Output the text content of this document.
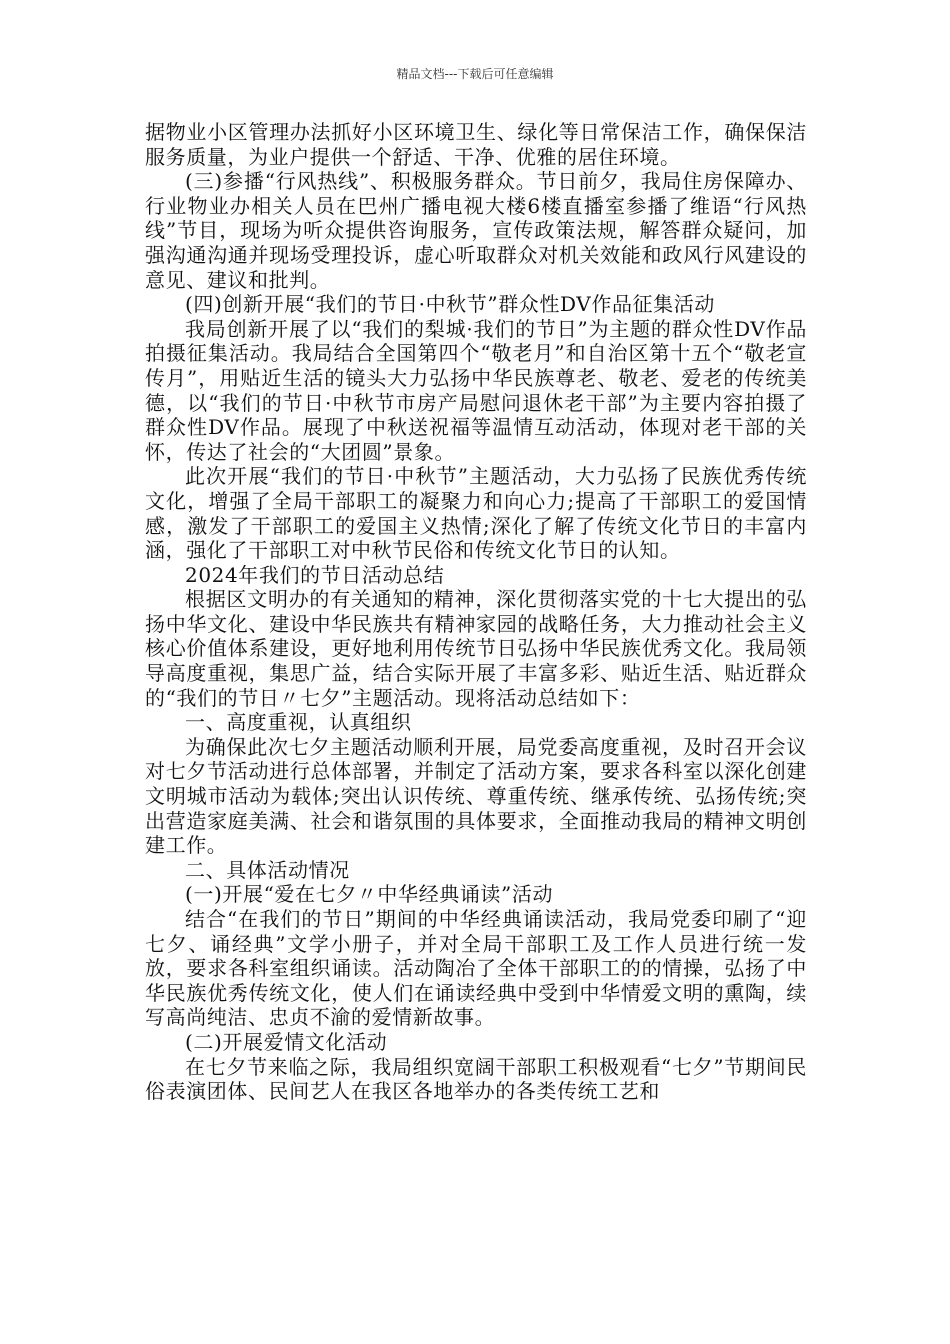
精品文档---下载后可任意编辑

据物业小区管理办法抓好小区环境卫生、绿化等日常保洁工作，确保保洁服务质量，为业户提供一个舒适、干净、优雅的居住环境。

(三)参播“行风热线”、积极服务群众。节日前夕，我局住房保障办、行业物业办相关人员在巴州广播电视大楼6楼直播室参播了维语“行风热线”节目，现场为听众提供咨询服务，宣传政策法规，解答群众疑问，加强沟通沟通并现场受理投诉，虚心听取群众对机关效能和政风行风建设的意见、建议和批判。

(四)创新开展“我们的节日·中秋节”群众性DV作品征集活动

我局创新开展了以“我们的梨城·我们的节日”为主题的群众性DV作品拍摄征集活动。我局结合全国第四个“敬老月”和自治区第十五个“敬老宣传月”，用贴近生活的镜头大力弘扬中华民族尊老、敬老、爱老的传统美德，以“我们的节日·中秋节市房产局慰问退休老干部”为主要内容拍摄了群众性DV作品。展现了中秋送祝福等温情互动活动，体现对老干部的关怀，传达了社会的“大团圆”景象。

此次开展“我们的节日·中秋节”主题活动，大力弘扬了民族优秀传统文化，增强了全局干部职工的凝聚力和向心力;提高了干部职工的爱国情感，激发了干部职工的爱国主义热情;深化了解了传统文化节日的丰富内涵，强化了干部职工对中秋节民俗和传统文化节日的认知。

2024年我们的节日活动总结

根据区文明办的有关通知的精神，深化贯彻落实党的十七大提出的弘扬中华文化、建设中华民族共有精神家园的战略任务，大力推动社会主义核心价值体系建设，更好地利用传统节日弘扬中华民族优秀文化。我局领导高度重视，集思广益，结合实际开展了丰富多彩、贴近生活、贴近群众的“我们的节日〃七夕”主题活动。现将活动总结如下：

一、高度重视，认真组织

为确保此次七夕主题活动顺利开展，局党委高度重视，及时召开会议对七夕节活动进行总体部署，并制定了活动方案，要求各科室以深化创建文明城市活动为载体;突出认识传统、尊重传统、继承传统、弘扬传统;突出营造家庭美满、社会和谐氛围的具体要求，全面推动我局的精神文明创建工作。

二、具体活动情况

(一)开展“爱在七夕〃中华经典诵读”活动

结合“在我们的节日”期间的中华经典诵读活动，我局党委印刷了“迎七夕、诵经典”文学小册子，并对全局干部职工及工作人员进行统一发放，要求各科室组织诵读。活动陶冶了全体干部职工的的情操，弘扬了中华民族优秀传统文化，使人们在诵读经典中受到中华情爱文明的熏陶，续写高尚纯洁、忠贞不渝的爱情新故事。

(二)开展爱情文化活动

在七夕节来临之际，我局组织宽阔干部职工积极观看“七夕”节期间民俗表演团体、民间艺人在我区各地举办的各类传统工艺和
